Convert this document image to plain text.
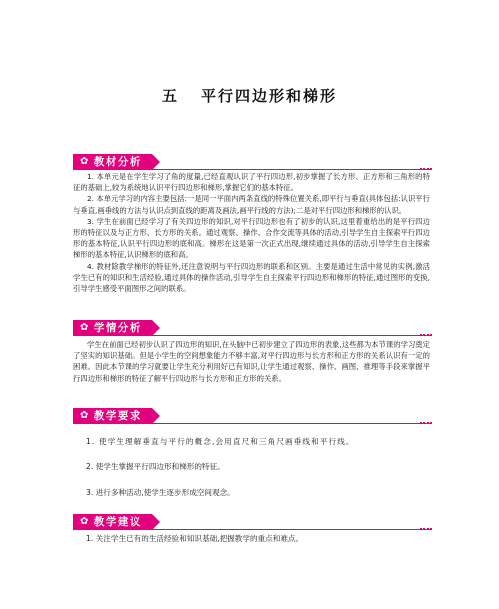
五 平行四边形和梯形
✿ 教材分析

1. 本单元是在学生学习了角的度量,已经直观认识了平行四边形,初步掌握了长方形、正方形和三角形的特征的基础上,较为系统地认识平行四边形和梯形,掌握它们的基本特征。

2. 本单元学习的内容主要包括:一是同一平面内两条直线的特殊位置关系,即平行与垂直(具体包括:认识平行与垂直,画垂线的方法与认识点到直线的距离及画法,画平行线的方法);二是对平行四边形和梯形的认识。

3. 学生在前面已经学习了有关四边形的知识,对平行四边形也有了初步的认识,这里着重给出的是平行四边形的特征以及与正方形、长方形的关系。通过观察、操作、合作交流等具体的活动,引导学生自主探索平行四边形的基本特征,认识平行四边形的底和高。梯形在这是第一次正式出现,继续通过具体的活动,引导学生自主探索梯形的基本特征,认识梯形的底和高。

4. 教材除教学梯形的特征外,还注意说明与平行四边形的联系和区别。主要是通过生活中常见的实例,激活学生已有的知识和生活经验,通过具体的操作活动,引导学生自主探索平行四边形和梯形的特征,通过图形的变换,引导学生感受平面图形之间的联系。

✿ 学情分析

学生在前面已经初步认识了四边形的知识,在头脑中已初步建立了四边形的表象,这些都为本节课的学习奠定了坚实的知识基础。但是小学生的空间想象能力不够丰富,对平行四边形与长方形和正方形的关系认识有一定的困难。因此本节课的学习就要让学生充分利用好已有知识,让学生通过观察、操作、画图、推理等手段来掌握平行四边形和梯形的特征了解平行四边形与长方形和正方形的关系。

✿ 教学要求
1. 使学生理解垂直与平行的概念,会用直尺和三角尺画垂线和平行线。
2. 使学生掌握平行四边形和梯形的特征。
3. 进行多种活动,使学生逐步形成空间观念。
✿ 教学建议
1. 关注学生已有的生活经验和知识基础,把握教学的重点和难点。
